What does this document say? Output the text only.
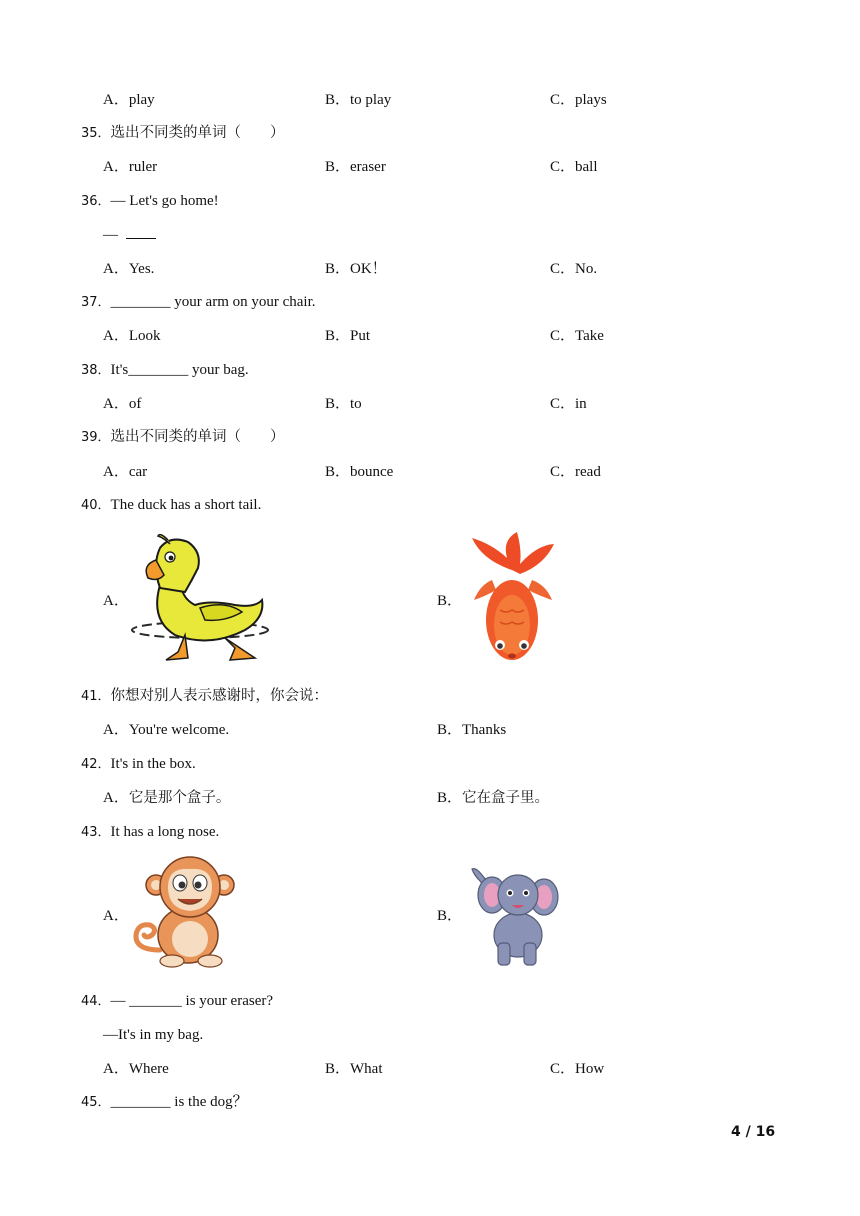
A．play	B．to play	C．plays
35．选出不同类的单词（　　）
A．ruler	B．eraser	C．ball
36．— Let's go home!
—
A．Yes.	B．OK！	C．No.
37．________ your arm on your chair.
A．Look	B．Put	C．Take
38．It's________ your bag.
A．of	B．to	C．in
39．选出不同类的单词（　　）
A．car	B．bounce	C．read
40．The duck has a short tail.
A．	B．
41．你想对别人表示感谢时，你会说：
A．You're welcome.	B．Thanks
42．It's in the box.
A．它是那个盒子。	B．它在盒子里。
43．It has a long nose.
A．	B．
44．— _______ is your eraser?
—It's in my bag.
A．Where	B．What	C．How
45．________ is the dog？
4 / 16
